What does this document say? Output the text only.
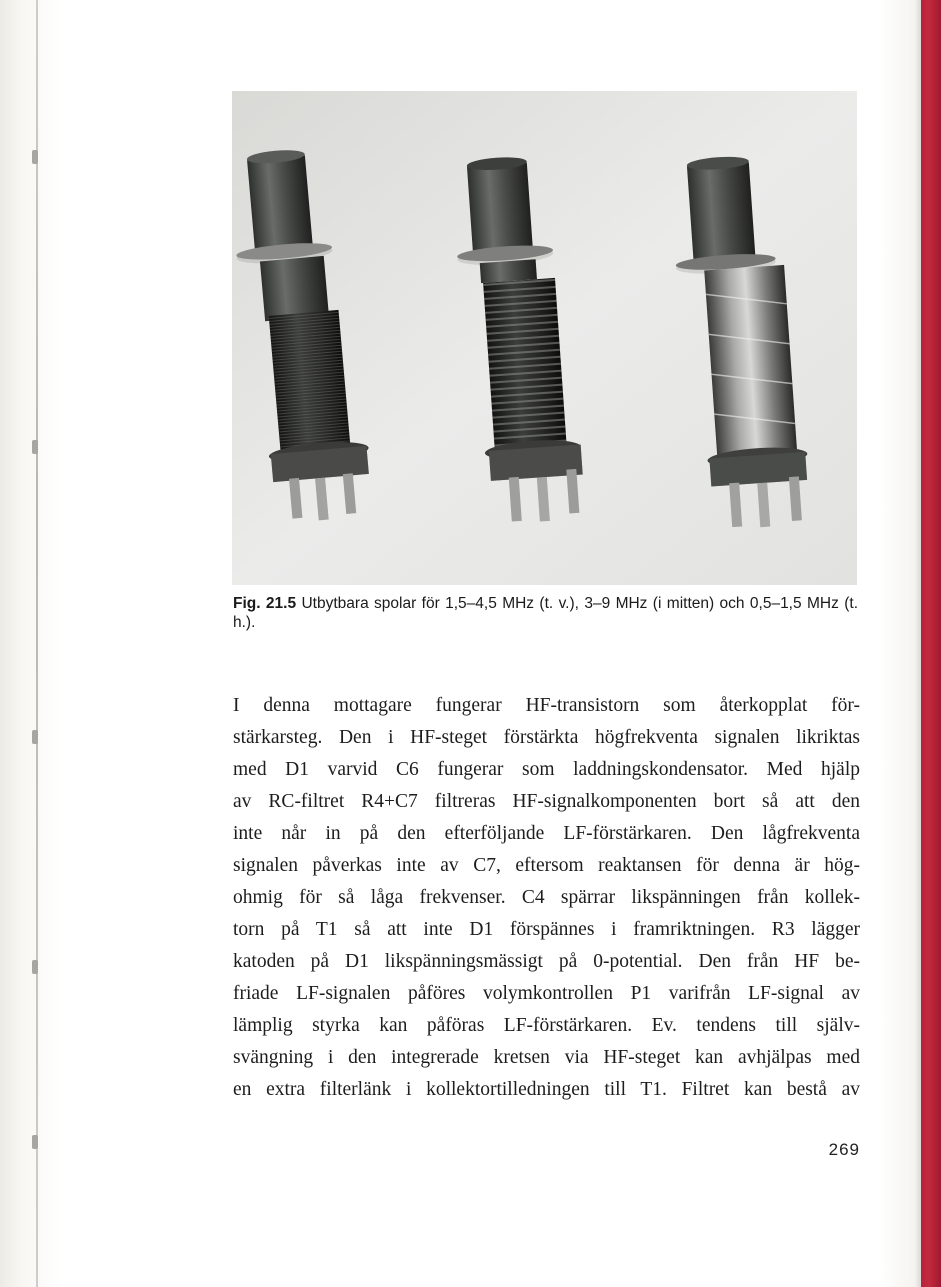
Fig. 21.5 Utbytbara spolar för 1,5–4,5 MHz (t. v.), 3–9 MHz (i mitten) och 0,5–1,5 MHz (t. h.).
I denna mottagare fungerar HF-transistorn som återkopplat för-
stärkarsteg. Den i HF-steget förstärkta högfrekventa signalen likriktas
med D1 varvid C6 fungerar som laddningskondensator. Med hjälp
av RC-filtret R4+C7 filtreras HF-signalkomponenten bort så att den
inte når in på den efterföljande LF-förstärkaren. Den lågfrekventa
signalen påverkas inte av C7, eftersom reaktansen för denna är hög-
ohmig för så låga frekvenser. C4 spärrar likspänningen från kollek-
torn på T1 så att inte D1 förspännes i framriktningen. R3 lägger
katoden på D1 likspänningsmässigt på 0-potential. Den från HF be-
friade LF-signalen påföres volymkontrollen P1 varifrån LF-signal av
lämplig styrka kan påföras LF-förstärkaren. Ev. tendens till själv-
svängning i den integrerade kretsen via HF-steget kan avhjälpas med
en extra filterlänk i kollektortilledningen till T1. Filtret kan bestå av
269
